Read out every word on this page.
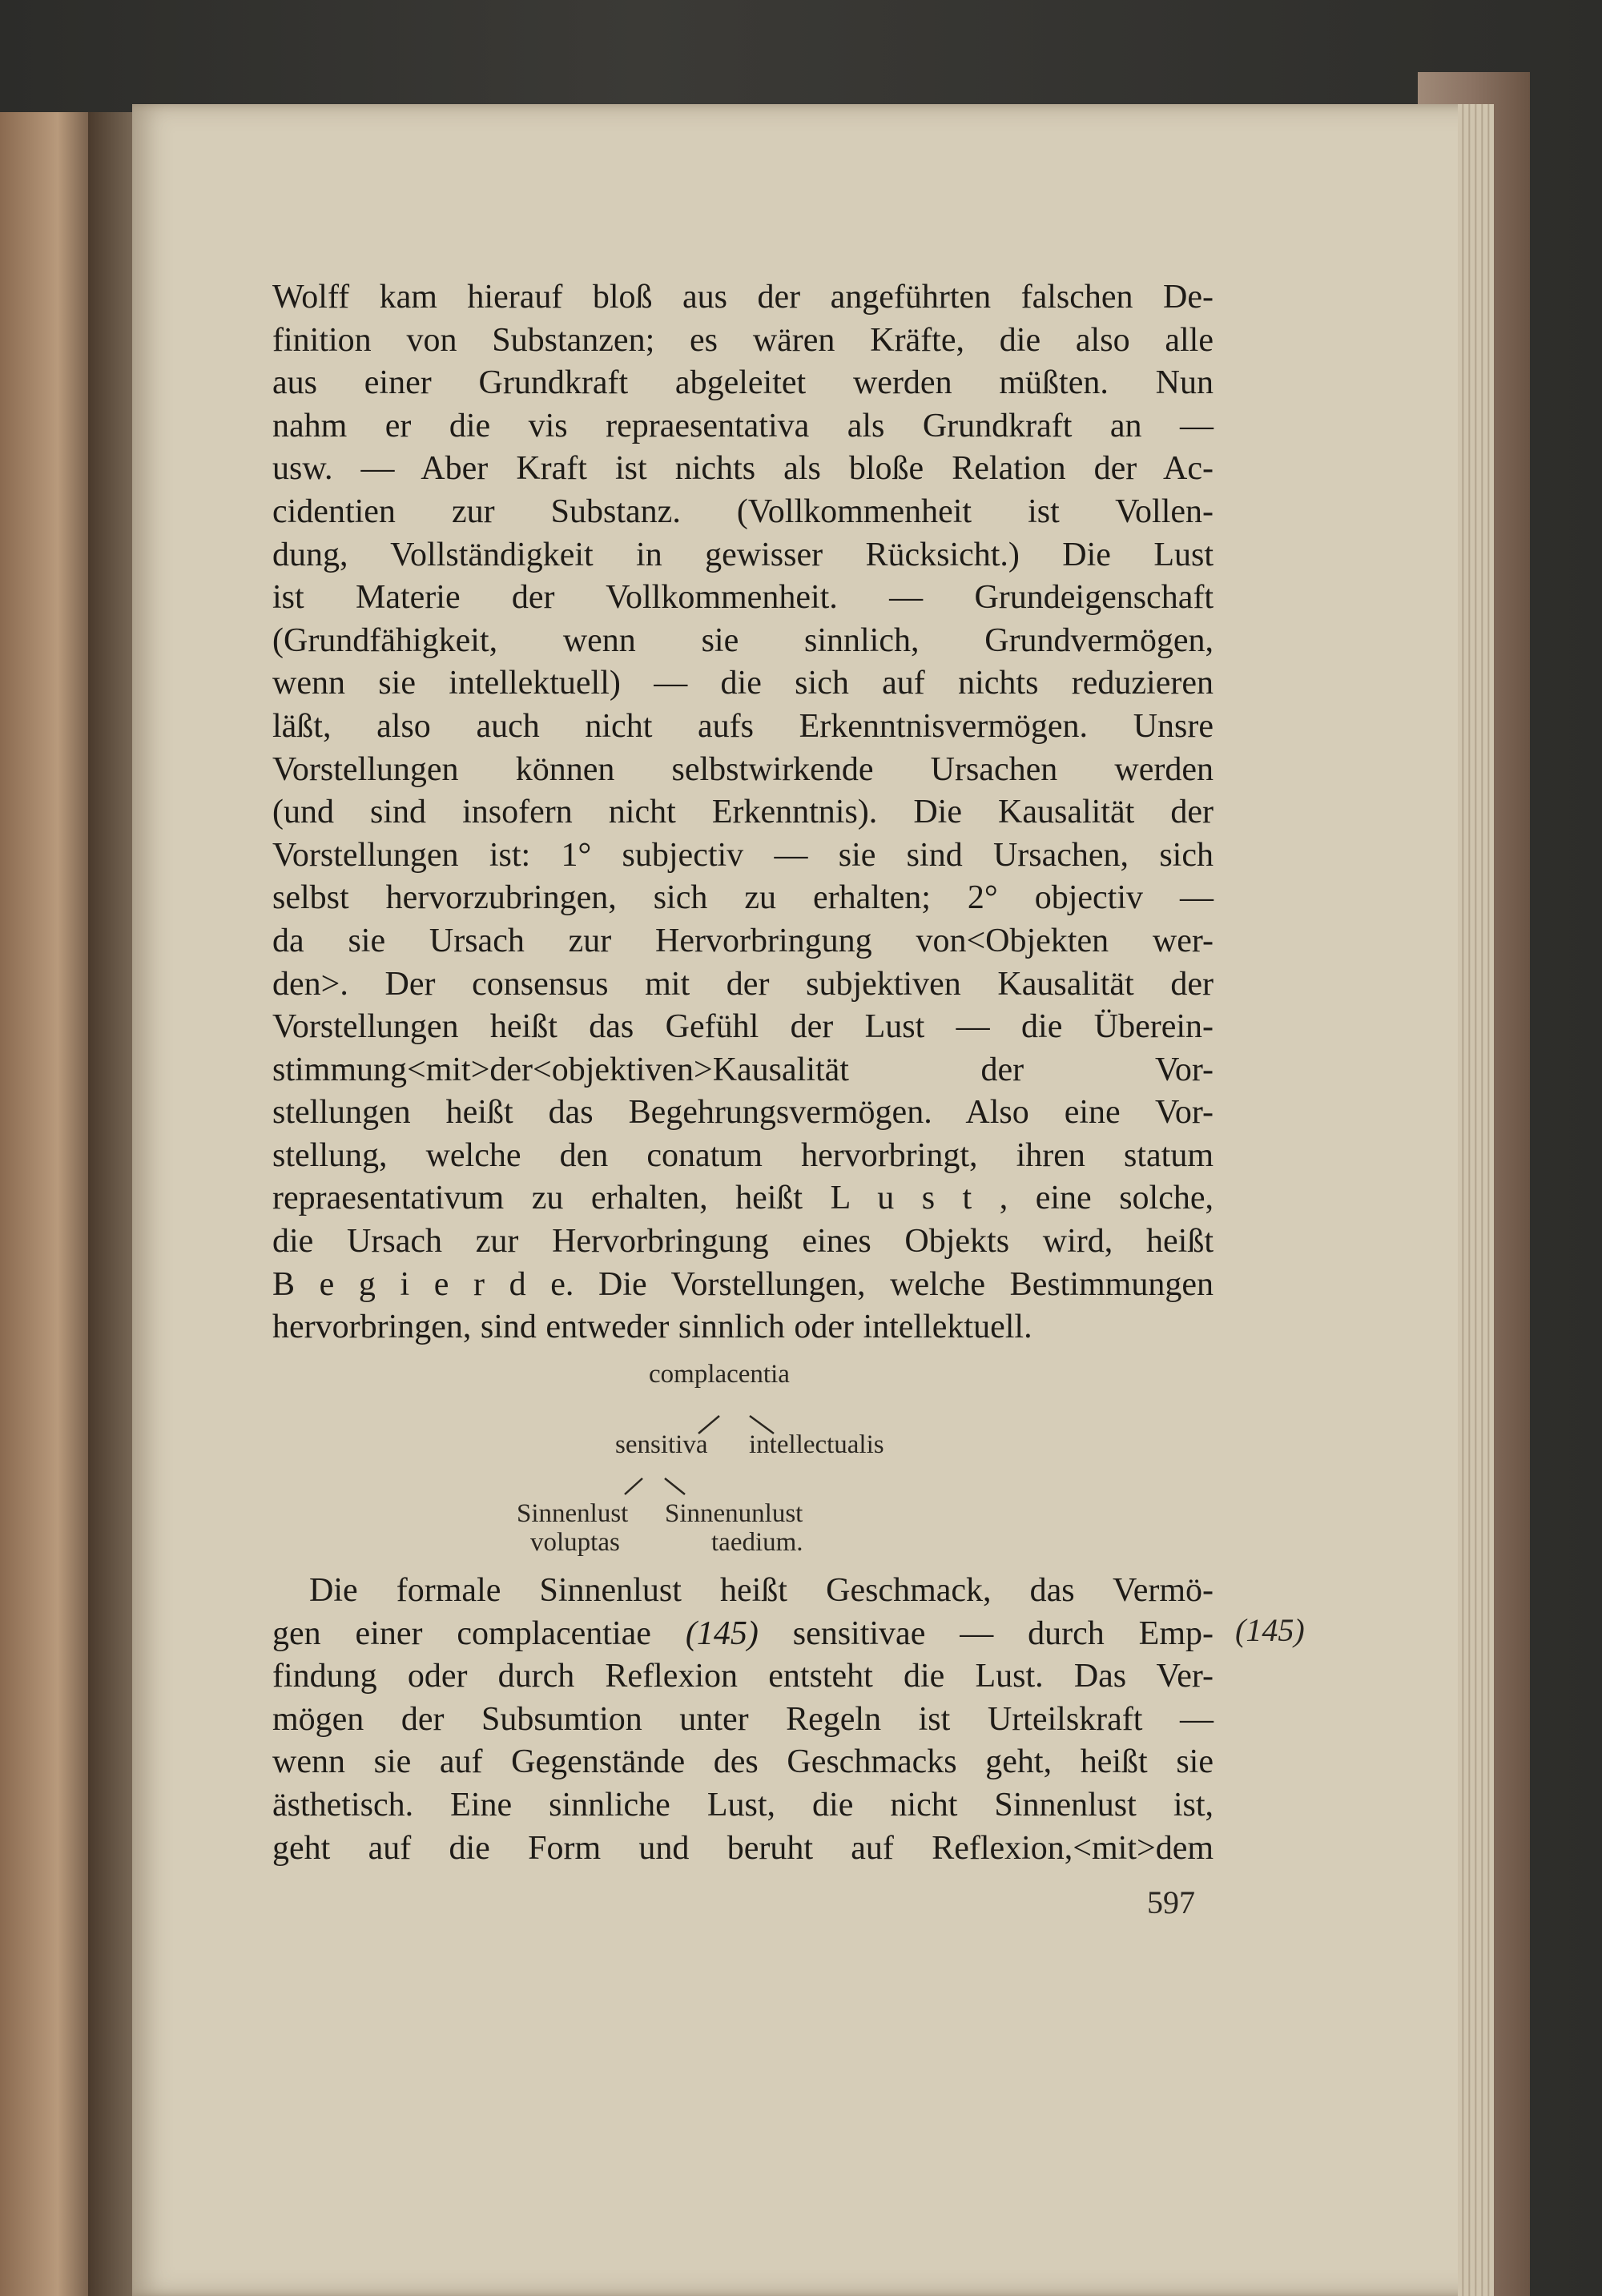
Wolff kam hierauf bloß aus der angeführten falschen De-
finition von Substanzen; es wären Kräfte, die also alle
aus einer Grundkraft abgeleitet werden müßten. Nun
nahm er die vis repraesentativa als Grundkraft an —
usw. — Aber Kraft ist nichts als bloße Relation der Ac-
cidentien zur Substanz. (Vollkommenheit ist Vollen-
dung, Vollständigkeit in gewisser Rücksicht.) Die Lust
ist Materie der Vollkommenheit. — Grundeigenschaft
(Grundfähigkeit, wenn sie sinnlich, Grundvermögen,
wenn sie intellektuell) — die sich auf nichts reduzieren
läßt, also auch nicht aufs Erkenntnisvermögen. Unsre
Vorstellungen können selbstwirkende Ursachen werden
(und sind insofern nicht Erkenntnis). Die Kausalität der
Vorstellungen ist: 1° subjectiv — sie sind Ursachen, sich
selbst hervorzubringen, sich zu erhalten; 2° objectiv —
da sie Ursach zur Hervorbringung von<Objekten wer-
den>. Der consensus mit der subjektiven Kausalität der
Vorstellungen heißt das Gefühl der Lust — die Überein-
stimmung<mit>der<objektiven>Kausalität der Vor-
stellungen heißt das Begehrungsvermögen. Also eine Vor-
stellung, welche den conatum hervorbringt, ihren statum
repraesentativum zu erhalten, heißt L u s t , eine solche,
die Ursach zur Hervorbringung eines Objekts wird, heißt
B e g i e r d e. Die Vorstellungen, welche Bestimmungen
hervorbringen, sind entweder sinnlich oder intellektuell.
complacentia
sensitiva intellectualis
Sinnenlust Sinnenunlust
voluptas	taedium.
Die formale Sinnenlust heißt Geschmack, das Vermö-
gen einer complacentiae (145) sensitivae — durch Emp-
findung oder durch Reflexion entsteht die Lust. Das Ver-
mögen der Subsumtion unter Regeln ist Urteilskraft —
wenn sie auf Gegenstände des Geschmacks geht, heißt sie
ästhetisch. Eine sinnliche Lust, die nicht Sinnenlust ist,
geht auf die Form und beruht auf Reflexion,<mit>dem
(145)
597
